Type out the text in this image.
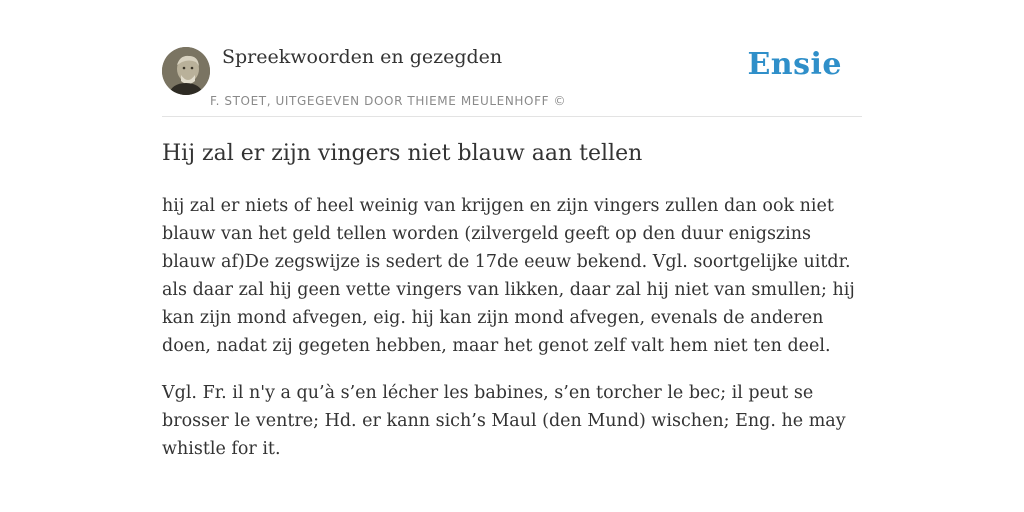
Spreekwoorden en gezegden
F. STOET, UITGEGEVEN DOOR THIEME MEULENHOFF ©
Ensie
Hij zal er zijn vingers niet blauw aan tellen

hij zal er niets of heel weinig van krijgen en zijn vingers zullen dan ook niet blauw van het geld tellen worden (zilvergeld geeft op den duur enigszins blauw af)De zegswijze is sedert de 17de eeuw bekend. Vgl. soortgelijke uitdr. als daar zal hij geen vette vingers van likken, daar zal hij niet van smullen; hij kan zijn mond afvegen, eig. hij kan zijn mond afvegen, evenals de anderen doen, nadat zij gegeten hebben, maar het genot zelf valt hem niet ten deel.

Vgl. Fr. il n'y a qu’à s’en lécher les babines, s’en torcher le bec; il peut se brosser le ventre; Hd. er kann sich’s Maul (den Mund) wischen; Eng. he may whistle for it.
